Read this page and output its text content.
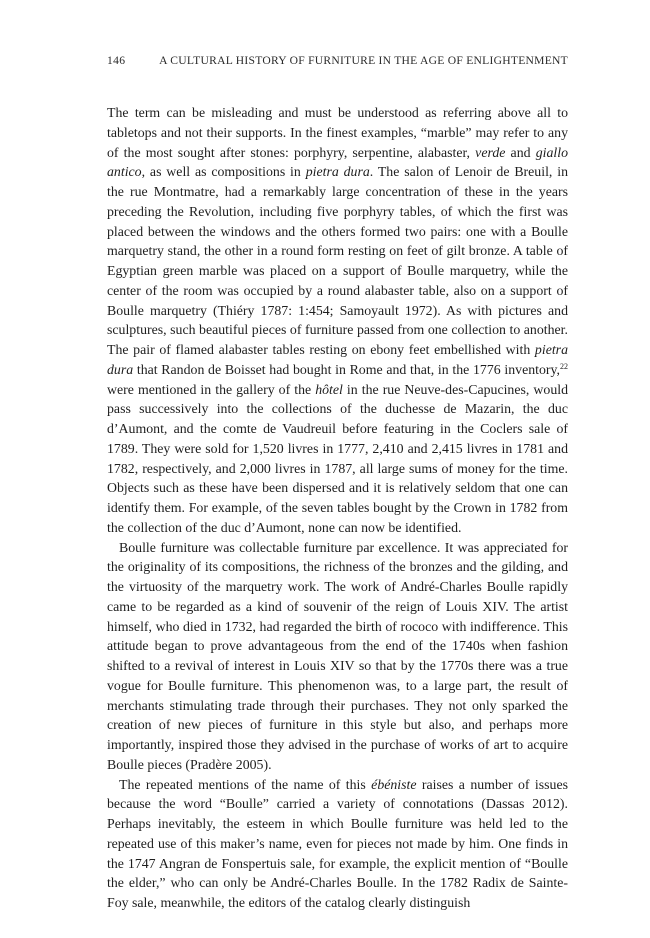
146	A CULTURAL HISTORY OF FURNITURE IN THE AGE OF ENLIGHTENMENT

The term can be misleading and must be understood as referring above all to tabletops and not their supports. In the finest examples, “marble” may refer to any of the most sought after stones: porphyry, serpentine, alabaster, verde and giallo antico, as well as compositions in pietra dura. The salon of Lenoir de Breuil, in the rue Montmatre, had a remarkably large concentration of these in the years preceding the Revolution, including five porphyry tables, of which the first was placed between the windows and the others formed two pairs: one with a Boulle marquetry stand, the other in a round form resting on feet of gilt bronze. A table of Egyptian green marble was placed on a support of Boulle marquetry, while the center of the room was occupied by a round alabaster table, also on a support of Boulle marquetry (Thiéry 1787: 1:454; Samoyault 1972). As with pictures and sculptures, such beautiful pieces of furniture passed from one collection to another. The pair of flamed alabaster tables resting on ebony feet embellished with pietra dura that Randon de Boisset had bought in Rome and that, in the 1776 inventory,$^{22}$ were mentioned in the gallery of the hôtel in the rue Neuve-des-Capucines, would pass successively into the collections of the duchesse de Mazarin, the duc d’Aumont, and the comte de Vaudreuil before featuring in the Coclers sale of 1789. They were sold for 1,520 livres in 1777, 2,410 and 2,415 livres in 1781 and 1782, respectively, and 2,000 livres in 1787, all large sums of money for the time. Objects such as these have been dispersed and it is relatively seldom that one can identify them. For example, of the seven tables bought by the Crown in 1782 from the collection of the duc d’Aumont, none can now be identified.

Boulle furniture was collectable furniture par excellence. It was appreciated for the originality of its compositions, the richness of the bronzes and the gilding, and the virtuosity of the marquetry work. The work of André-Charles Boulle rapidly came to be regarded as a kind of souvenir of the reign of Louis XIV. The artist himself, who died in 1732, had regarded the birth of rococo with indifference. This attitude began to prove advantageous from the end of the 1740s when fashion shifted to a revival of interest in Louis XIV so that by the 1770s there was a true vogue for Boulle furniture. This phenomenon was, to a large part, the result of merchants stimulating trade through their purchases. They not only sparked the creation of new pieces of furniture in this style but also, and perhaps more importantly, inspired those they advised in the purchase of works of art to acquire Boulle pieces (Pradère 2005).

The repeated mentions of the name of this ébéniste raises a number of issues because the word “Boulle” carried a variety of connotations (Dassas 2012). Perhaps inevitably, the esteem in which Boulle furniture was held led to the repeated use of this maker’s name, even for pieces not made by him. One finds in the 1747 Angran de Fonspertuis sale, for example, the explicit mention of “Boulle the elder,” who can only be André-Charles Boulle. In the 1782 Radix de Sainte-Foy sale, meanwhile, the editors of the catalog clearly distinguish
